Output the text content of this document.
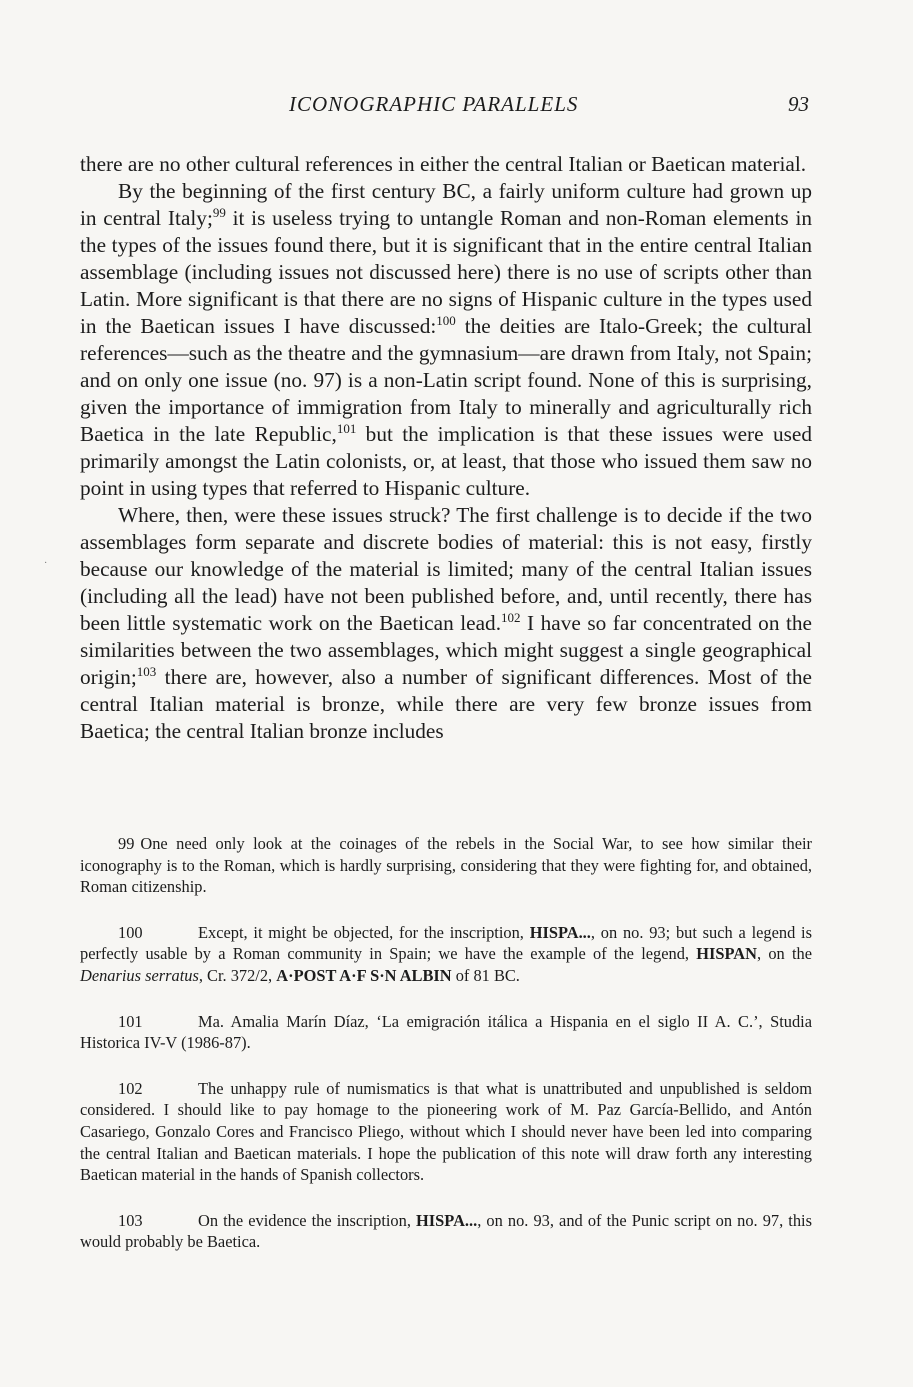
ICONOGRAPHIC PARALLELS	93

there are no other cultural references in either the central Italian or Baetican material.

By the beginning of the first century BC, a fairly uniform culture had grown up in central Italy;$^{99}$ it is useless trying to untangle Roman and non-Roman elements in the types of the issues found there, but it is significant that in the entire central Italian assemblage (including issues not discussed here) there is no use of scripts other than Latin. More significant is that there are no signs of Hispanic culture in the types used in the Baetican issues I have discussed:$^{100}$ the deities are Italo-Greek; the cultural references—such as the theatre and the gymnasium—are drawn from Italy, not Spain; and on only one issue (no. 97) is a non-Latin script found. None of this is surprising, given the importance of immigration from Italy to minerally and agriculturally rich Baetica in the late Republic,$^{101}$ but the implication is that these issues were used primarily amongst the Latin colonists, or, at least, that those who issued them saw no point in using types that referred to Hispanic culture.

Where, then, were these issues struck? The first challenge is to decide if the two assemblages form separate and discrete bodies of material: this is not easy, firstly because our knowledge of the material is limited; many of the central Italian issues (including all the lead) have not been published before, and, until recently, there has been little systematic work on the Baetican lead.$^{102}$ I have so far concentrated on the similarities between the two assemblages, which might suggest a single geographical origin;$^{103}$ there are, however, also a number of significant differences. Most of the central Italian material is bronze, while there are very few bronze issues from Baetica; the central Italian bronze includes

99 One need only look at the coinages of the rebels in the Social War, to see how similar their iconography is to the Roman, which is hardly surprising, considering that they were fighting for, and obtained, Roman citizenship.

100	Except, it might be objected, for the inscription, HISPA..., on no. 93; but such a legend is perfectly usable by a Roman community in Spain; we have the example of the legend, HISPAN, on the Denarius serratus, Cr. 372/2, A·POST A·F S·N ALBIN of 81 BC.

101	Ma. Amalia Marín Díaz, ‘La emigración itálica a Hispania en el siglo II A. C.’, Studia Historica IV-V (1986-87).

102	The unhappy rule of numismatics is that what is unattributed and unpublished is seldom considered. I should like to pay homage to the pioneering work of M. Paz García-Bellido, and Antón Casariego, Gonzalo Cores and Francisco Pliego, without which I should never have been led into comparing the central Italian and Baetican materials. I hope the publication of this note will draw forth any interesting Baetican material in the hands of Spanish collectors.

103	On the evidence the inscription, HISPA..., on no. 93, and of the Punic script on no. 97, this would probably be Baetica.

·
